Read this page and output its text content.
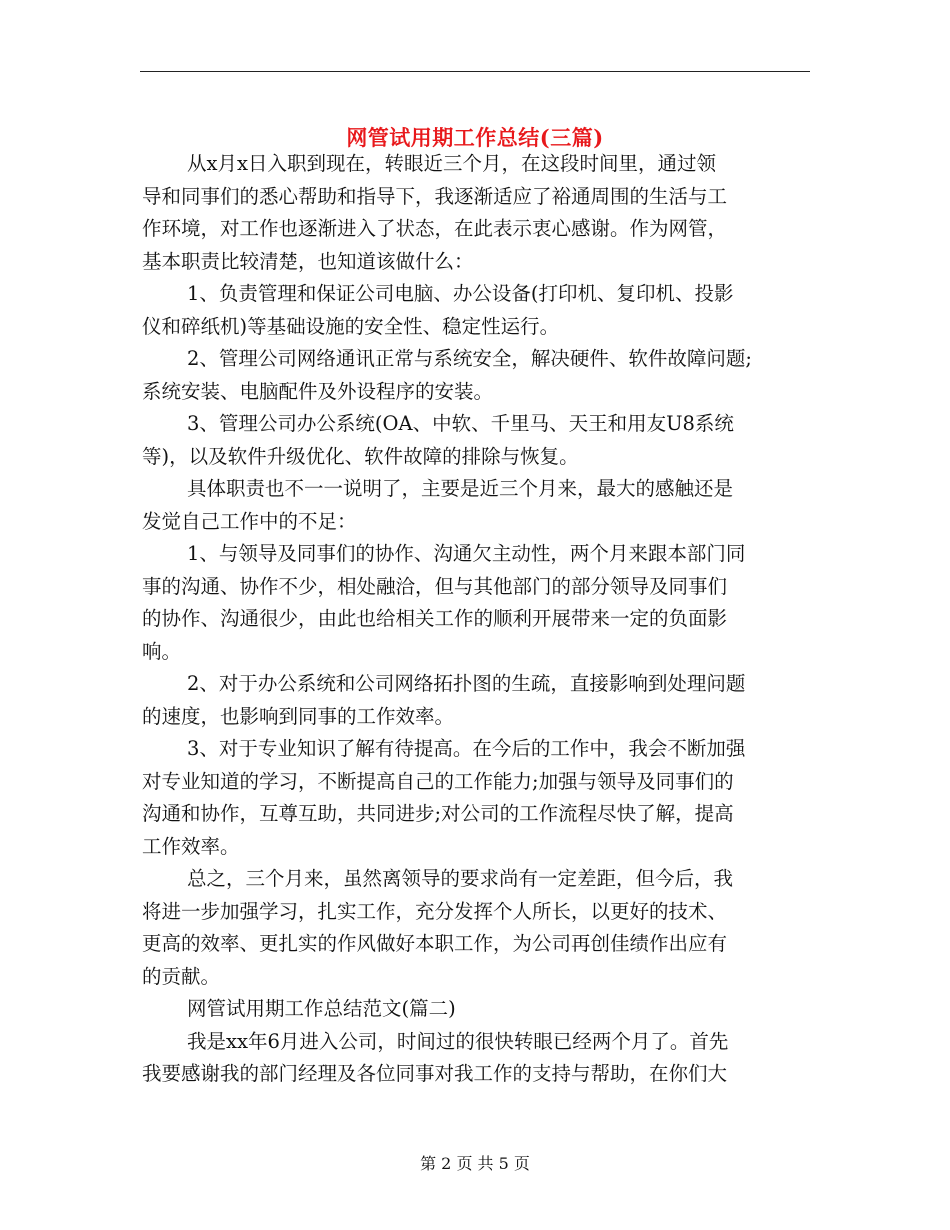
网管试用期工作总结(三篇)
从x月x日入职到现在，转眼近三个月，在这段时间里，通过领
导和同事们的悉心帮助和指导下，我逐渐适应了裕通周围的生活与工
作环境，对工作也逐渐进入了状态，在此表示衷心感谢。作为网管，
基本职责比较清楚，也知道该做什么：
1、负责管理和保证公司电脑、办公设备(打印机、复印机、投影
仪和碎纸机)等基础设施的安全性、稳定性运行。
2、管理公司网络通讯正常与系统安全，解决硬件、软件故障问题;
系统安装、电脑配件及外设程序的安装。
3、管理公司办公系统(OA、中软、千里马、天王和用友U8系统
等)，以及软件升级优化、软件故障的排除与恢复。
具体职责也不一一说明了，主要是近三个月来，最大的感触还是
发觉自己工作中的不足：
1、与领导及同事们的协作、沟通欠主动性，两个月来跟本部门同
事的沟通、协作不少，相处融洽，但与其他部门的部分领导及同事们
的协作、沟通很少，由此也给相关工作的顺利开展带来一定的负面影
响。
2、对于办公系统和公司网络拓扑图的生疏，直接影响到处理问题
的速度，也影响到同事的工作效率。
3、对于专业知识了解有待提高。在今后的工作中，我会不断加强
对专业知道的学习，不断提高自己的工作能力;加强与领导及同事们的
沟通和协作，互尊互助，共同进步;对公司的工作流程尽快了解，提高
工作效率。
总之，三个月来，虽然离领导的要求尚有一定差距，但今后，我
将进一步加强学习，扎实工作，充分发挥个人所长，以更好的技术、
更高的效率、更扎实的作风做好本职工作，为公司再创佳绩作出应有
的贡献。
网管试用期工作总结范文(篇二)
我是xx年6月进入公司，时间过的很快转眼已经两个月了。首先
我要感谢我的部门经理及各位同事对我工作的支持与帮助，在你们大
第 2 页 共 5 页
